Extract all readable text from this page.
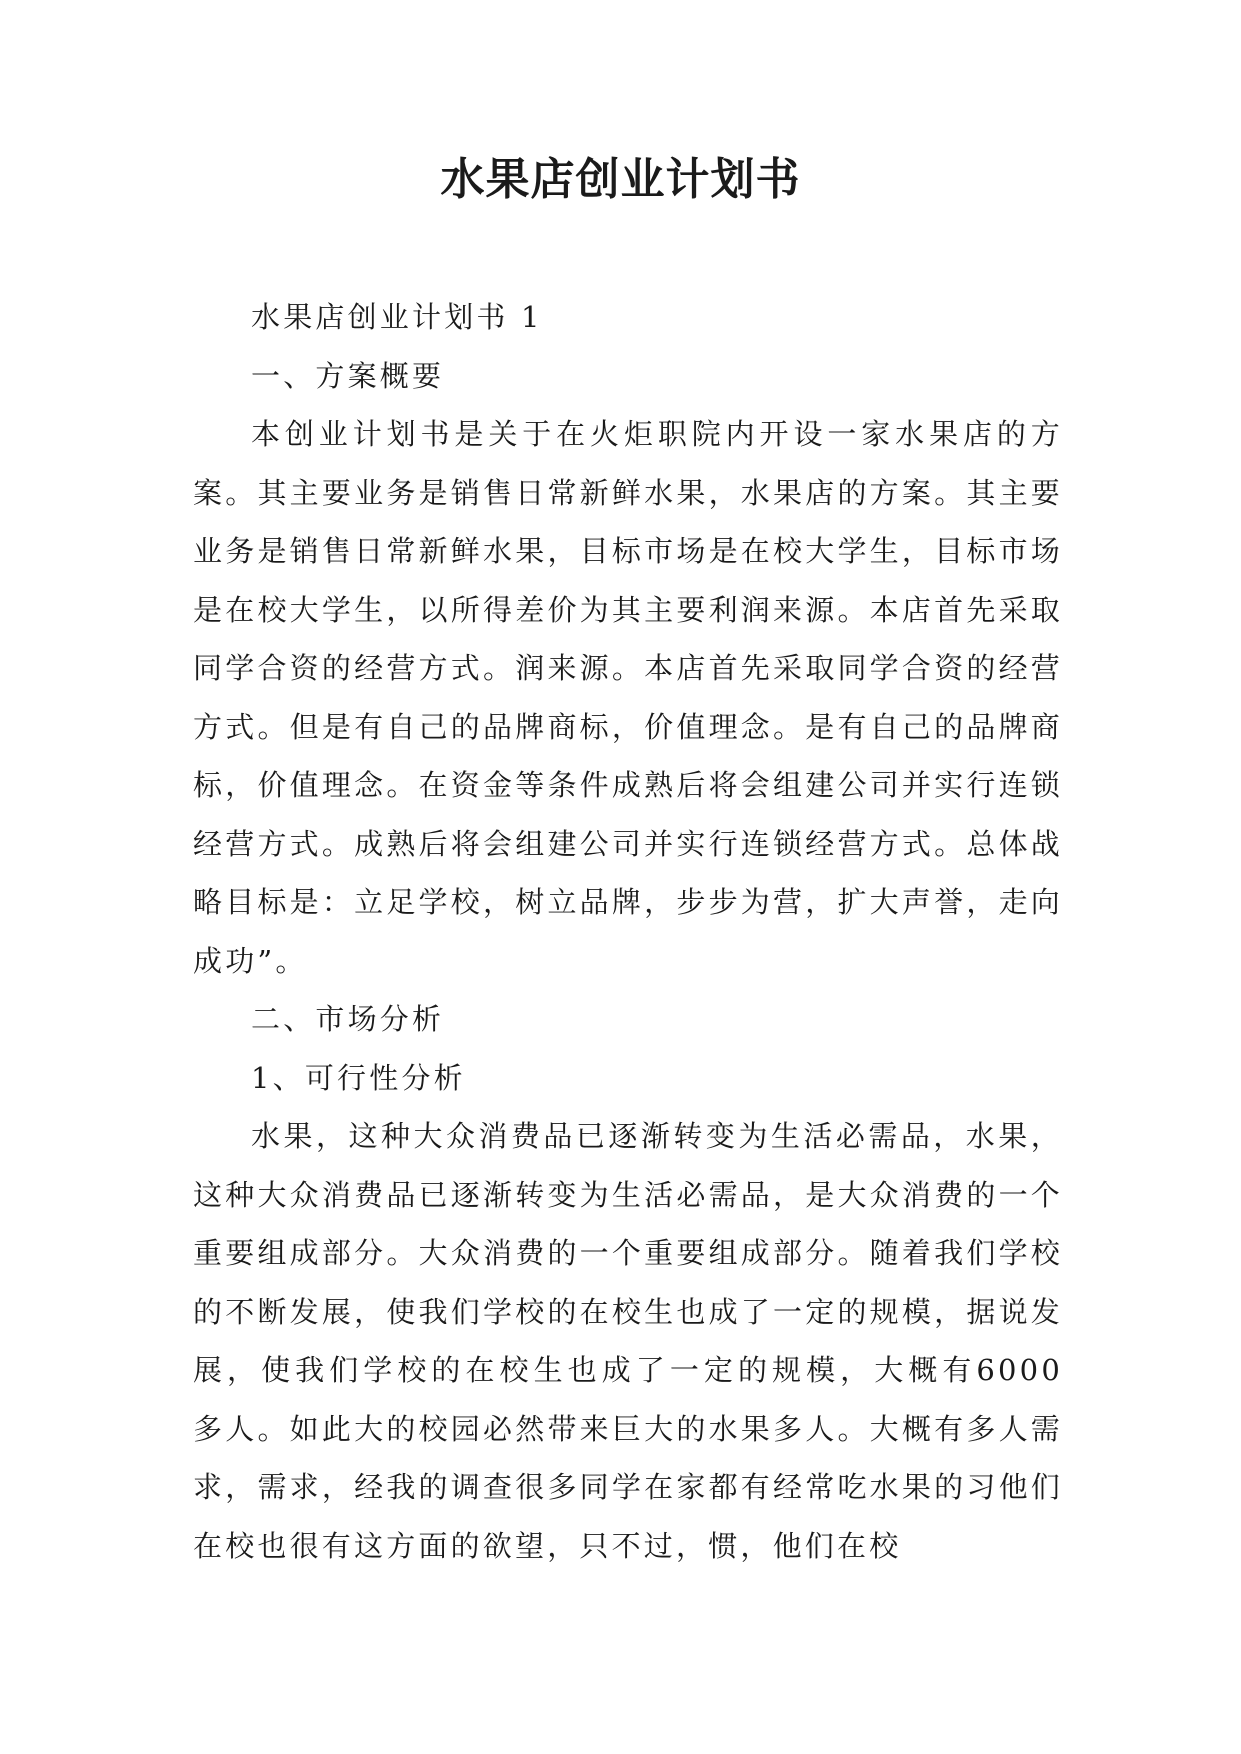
水果店创业计划书

水果店创业计划书 1

一、方案概要

本创业计划书是关于在火炬职院内开设一家水果店的方案。其主要业务是销售日常新鲜水果，水果店的方案。其主要业务是销售日常新鲜水果，目标市场是在校大学生，目标市场是在校大学生，以所得差价为其主要利润来源。本店首先采取同学合资的经营方式。润来源。本店首先采取同学合资的经营方式。但是有自己的品牌商标，价值理念。是有自己的品牌商标，价值理念。在资金等条件成熟后将会组建公司并实行连锁经营方式。成熟后将会组建公司并实行连锁经营方式。总体战略目标是：立足学校，树立品牌，步步为营，扩大声誉，走向成功”。

二、市场分析

1、可行性分析

水果，这种大众消费品已逐渐转变为生活必需品，水果，这种大众消费品已逐渐转变为生活必需品，是大众消费的一个重要组成部分。大众消费的一个重要组成部分。随着我们学校的不断发展，使我们学校的在校生也成了一定的规模，据说发展，使我们学校的在校生也成了一定的规模，大概有6000 多人。如此大的校园必然带来巨大的水果多人。大概有多人需求，需求，经我的调查很多同学在家都有经常吃水果的习他们在校也很有这方面的欲望，只不过，惯，他们在校
